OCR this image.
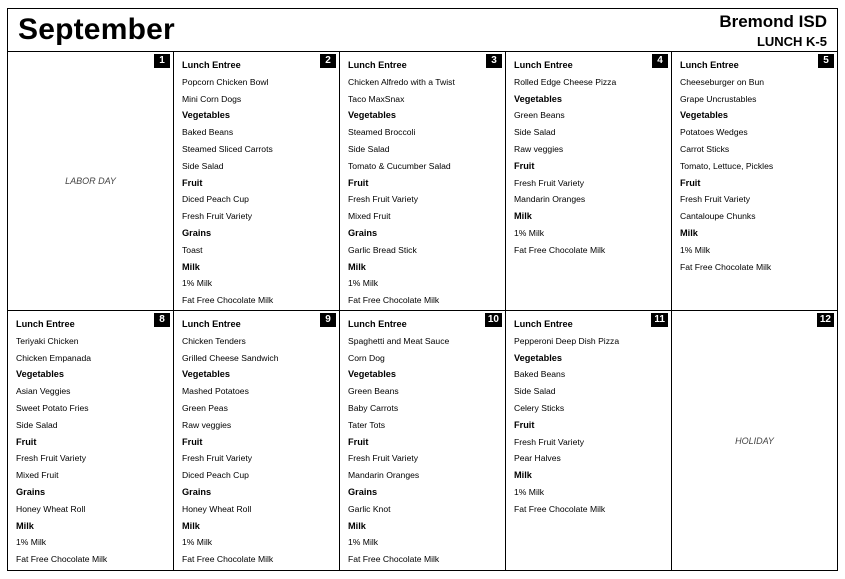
September	Bremond ISD
LUNCH K-5
1
LABOR DAY
2
Lunch Entree
Popcorn Chicken Bowl
Mini Corn Dogs
Vegetables
Baked Beans
Steamed Sliced Carrots
Side Salad
Fruit
Diced Peach Cup
Fresh Fruit Variety
Grains
Toast
Milk
1% Milk
Fat Free Chocolate Milk
3
Lunch Entree
Chicken Alfredo with a Twist
Taco MaxSnax
Vegetables
Steamed Broccoli
Side Salad
Tomato & Cucumber Salad
Fruit
Fresh Fruit Variety
Mixed Fruit
Grains
Garlic Bread Stick
Milk
1% Milk
Fat Free Chocolate Milk
4
Lunch Entree
Rolled Edge Cheese Pizza
Vegetables
Green Beans
Side Salad
Raw veggies
Fruit
Fresh Fruit Variety
Mandarin Oranges
Milk
1% Milk
Fat Free Chocolate Milk
5
Lunch Entree
Cheeseburger on Bun
Grape Uncrustables
Vegetables
Potatoes Wedges
Carrot Sticks
Tomato, Lettuce, Pickles
Fruit
Fresh Fruit Variety
Cantaloupe Chunks
Milk
1% Milk
Fat Free Chocolate Milk
8
Lunch Entree
Teriyaki Chicken
Chicken Empanada
Vegetables
Asian Veggies
Sweet Potato Fries
Side Salad
Fruit
Fresh Fruit Variety
Mixed Fruit
Grains
Honey Wheat Roll
Milk
1% Milk
Fat Free Chocolate Milk
9
Lunch Entree
Chicken Tenders
Grilled Cheese Sandwich
Vegetables
Mashed Potatoes
Green Peas
Raw veggies
Fruit
Fresh Fruit Variety
Diced Peach Cup
Grains
Honey Wheat Roll
Milk
1% Milk
Fat Free Chocolate Milk
10
Lunch Entree
Spaghetti and Meat Sauce
Corn Dog
Vegetables
Green Beans
Baby Carrots
Tater Tots
Fruit
Fresh Fruit Variety
Mandarin Oranges
Grains
Garlic Knot
Milk
1% Milk
Fat Free Chocolate Milk
11
Lunch Entree
Pepperoni Deep Dish Pizza
Vegetables
Baked Beans
Side Salad
Celery Sticks
Fruit
Fresh Fruit Variety
Pear Halves
Milk
1% Milk
Fat Free Chocolate Milk
12
HOLIDAY
